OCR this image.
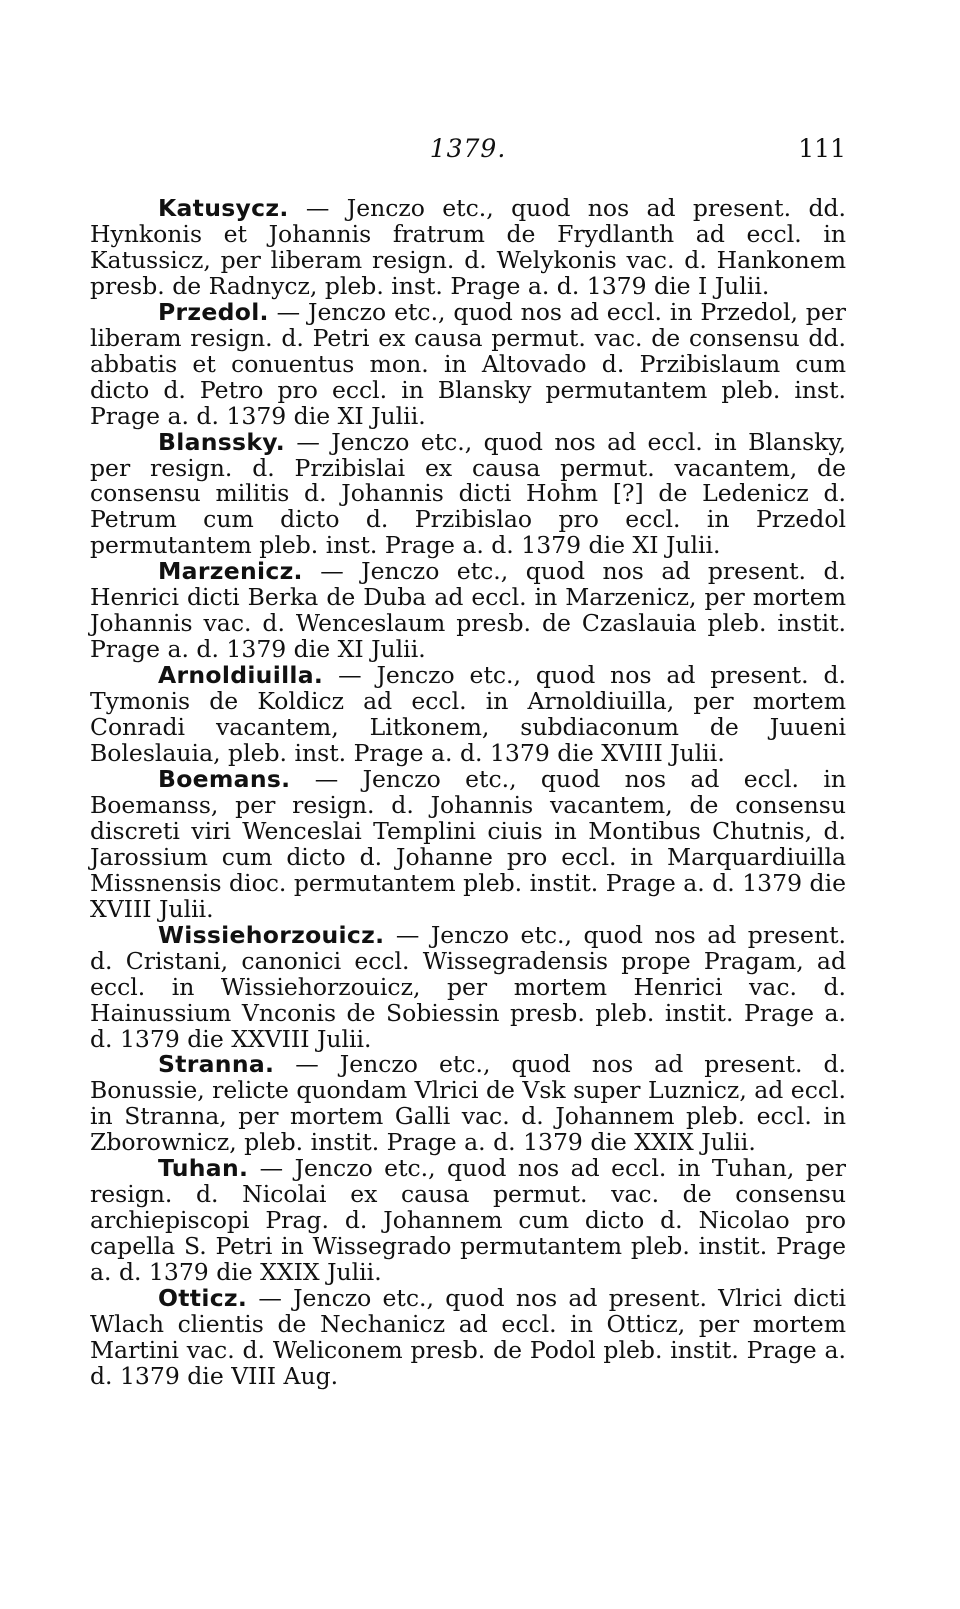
1379.	111

Katusycz. — Jenczo etc., quod nos ad present. dd. Hynkonis et Johannis fratrum de Frydlanth ad eccl. in Katussicz, per liberam resign. d. Welykonis vac. d. Hankonem presb. de Radnycz, pleb. inst. Prage a. d. 1379 die I Julii.

Przedol. — Jenczo etc., quod nos ad eccl. in Przedol, per liberam resign. d. Petri ex causa permut. vac. de consensu dd. abbatis et conuentus mon. in Altovado d. Przibislaum cum dicto d. Petro pro eccl. in Blansky permutantem pleb. inst. Prage a. d. 1379 die XI Julii.

Blanssky. — Jenczo etc., quod nos ad eccl. in Blansky, per resign. d. Przibislai ex causa permut. vacantem, de consensu militis d. Johannis dicti Hohm [?] de Ledenicz d. Petrum cum dicto d. Przibislao pro eccl. in Przedol permutantem pleb. inst. Prage a. d. 1379 die XI Julii.

Marzenicz. — Jenczo etc., quod nos ad present. d. Henrici dicti Berka de Duba ad eccl. in Marzenicz, per mortem Johannis vac. d. Wenceslaum presb. de Czaslauia pleb. instit. Prage a. d. 1379 die XI Julii.

Arnoldiuilla. — Jenczo etc., quod nos ad present. d. Tymonis de Koldicz ad eccl. in Arnoldiuilla, per mortem Conradi vacantem, Litkonem, subdiaconum de Juueni Boleslauia, pleb. inst. Prage a. d. 1379 die XVIII Julii.

Boemans. — Jenczo etc., quod nos ad eccl. in Boemanss, per resign. d. Johannis vacantem, de consensu discreti viri Wenceslai Templini ciuis in Montibus Chutnis, d. Jarossium cum dicto d. Johanne pro eccl. in Marquardiuilla Missnensis dioc. permutantem pleb. instit. Prage a. d. 1379 die XVIII Julii.

Wissiehorzouicz. — Jenczo etc., quod nos ad present. d. Cristani, canonici eccl. Wissegradensis prope Pragam, ad eccl. in Wissiehorzouicz, per mortem Henrici vac. d. Hainussium Vnconis de Sobiessin presb. pleb. instit. Prage a. d. 1379 die XXVIII Julii.

Stranna. — Jenczo etc., quod nos ad present. d. Bonussie, relicte quondam Vlrici de Vsk super Luznicz, ad eccl. in Stranna, per mortem Galli vac. d. Johannem pleb. eccl. in Zborownicz, pleb. instit. Prage a. d. 1379 die XXIX Julii.

Tuhan. — Jenczo etc., quod nos ad eccl. in Tuhan, per resign. d. Nicolai ex causa permut. vac. de consensu archiepiscopi Prag. d. Johannem cum dicto d. Nicolao pro capella S. Petri in Wissegrado permutantem pleb. instit. Prage a. d. 1379 die XXIX Julii.

Otticz. — Jenczo etc., quod nos ad present. Vlrici dicti Wlach clientis de Nechanicz ad eccl. in Otticz, per mortem Martini vac. d. Weliconem presb. de Podol pleb. instit. Prage a. d. 1379 die VIII Aug.
